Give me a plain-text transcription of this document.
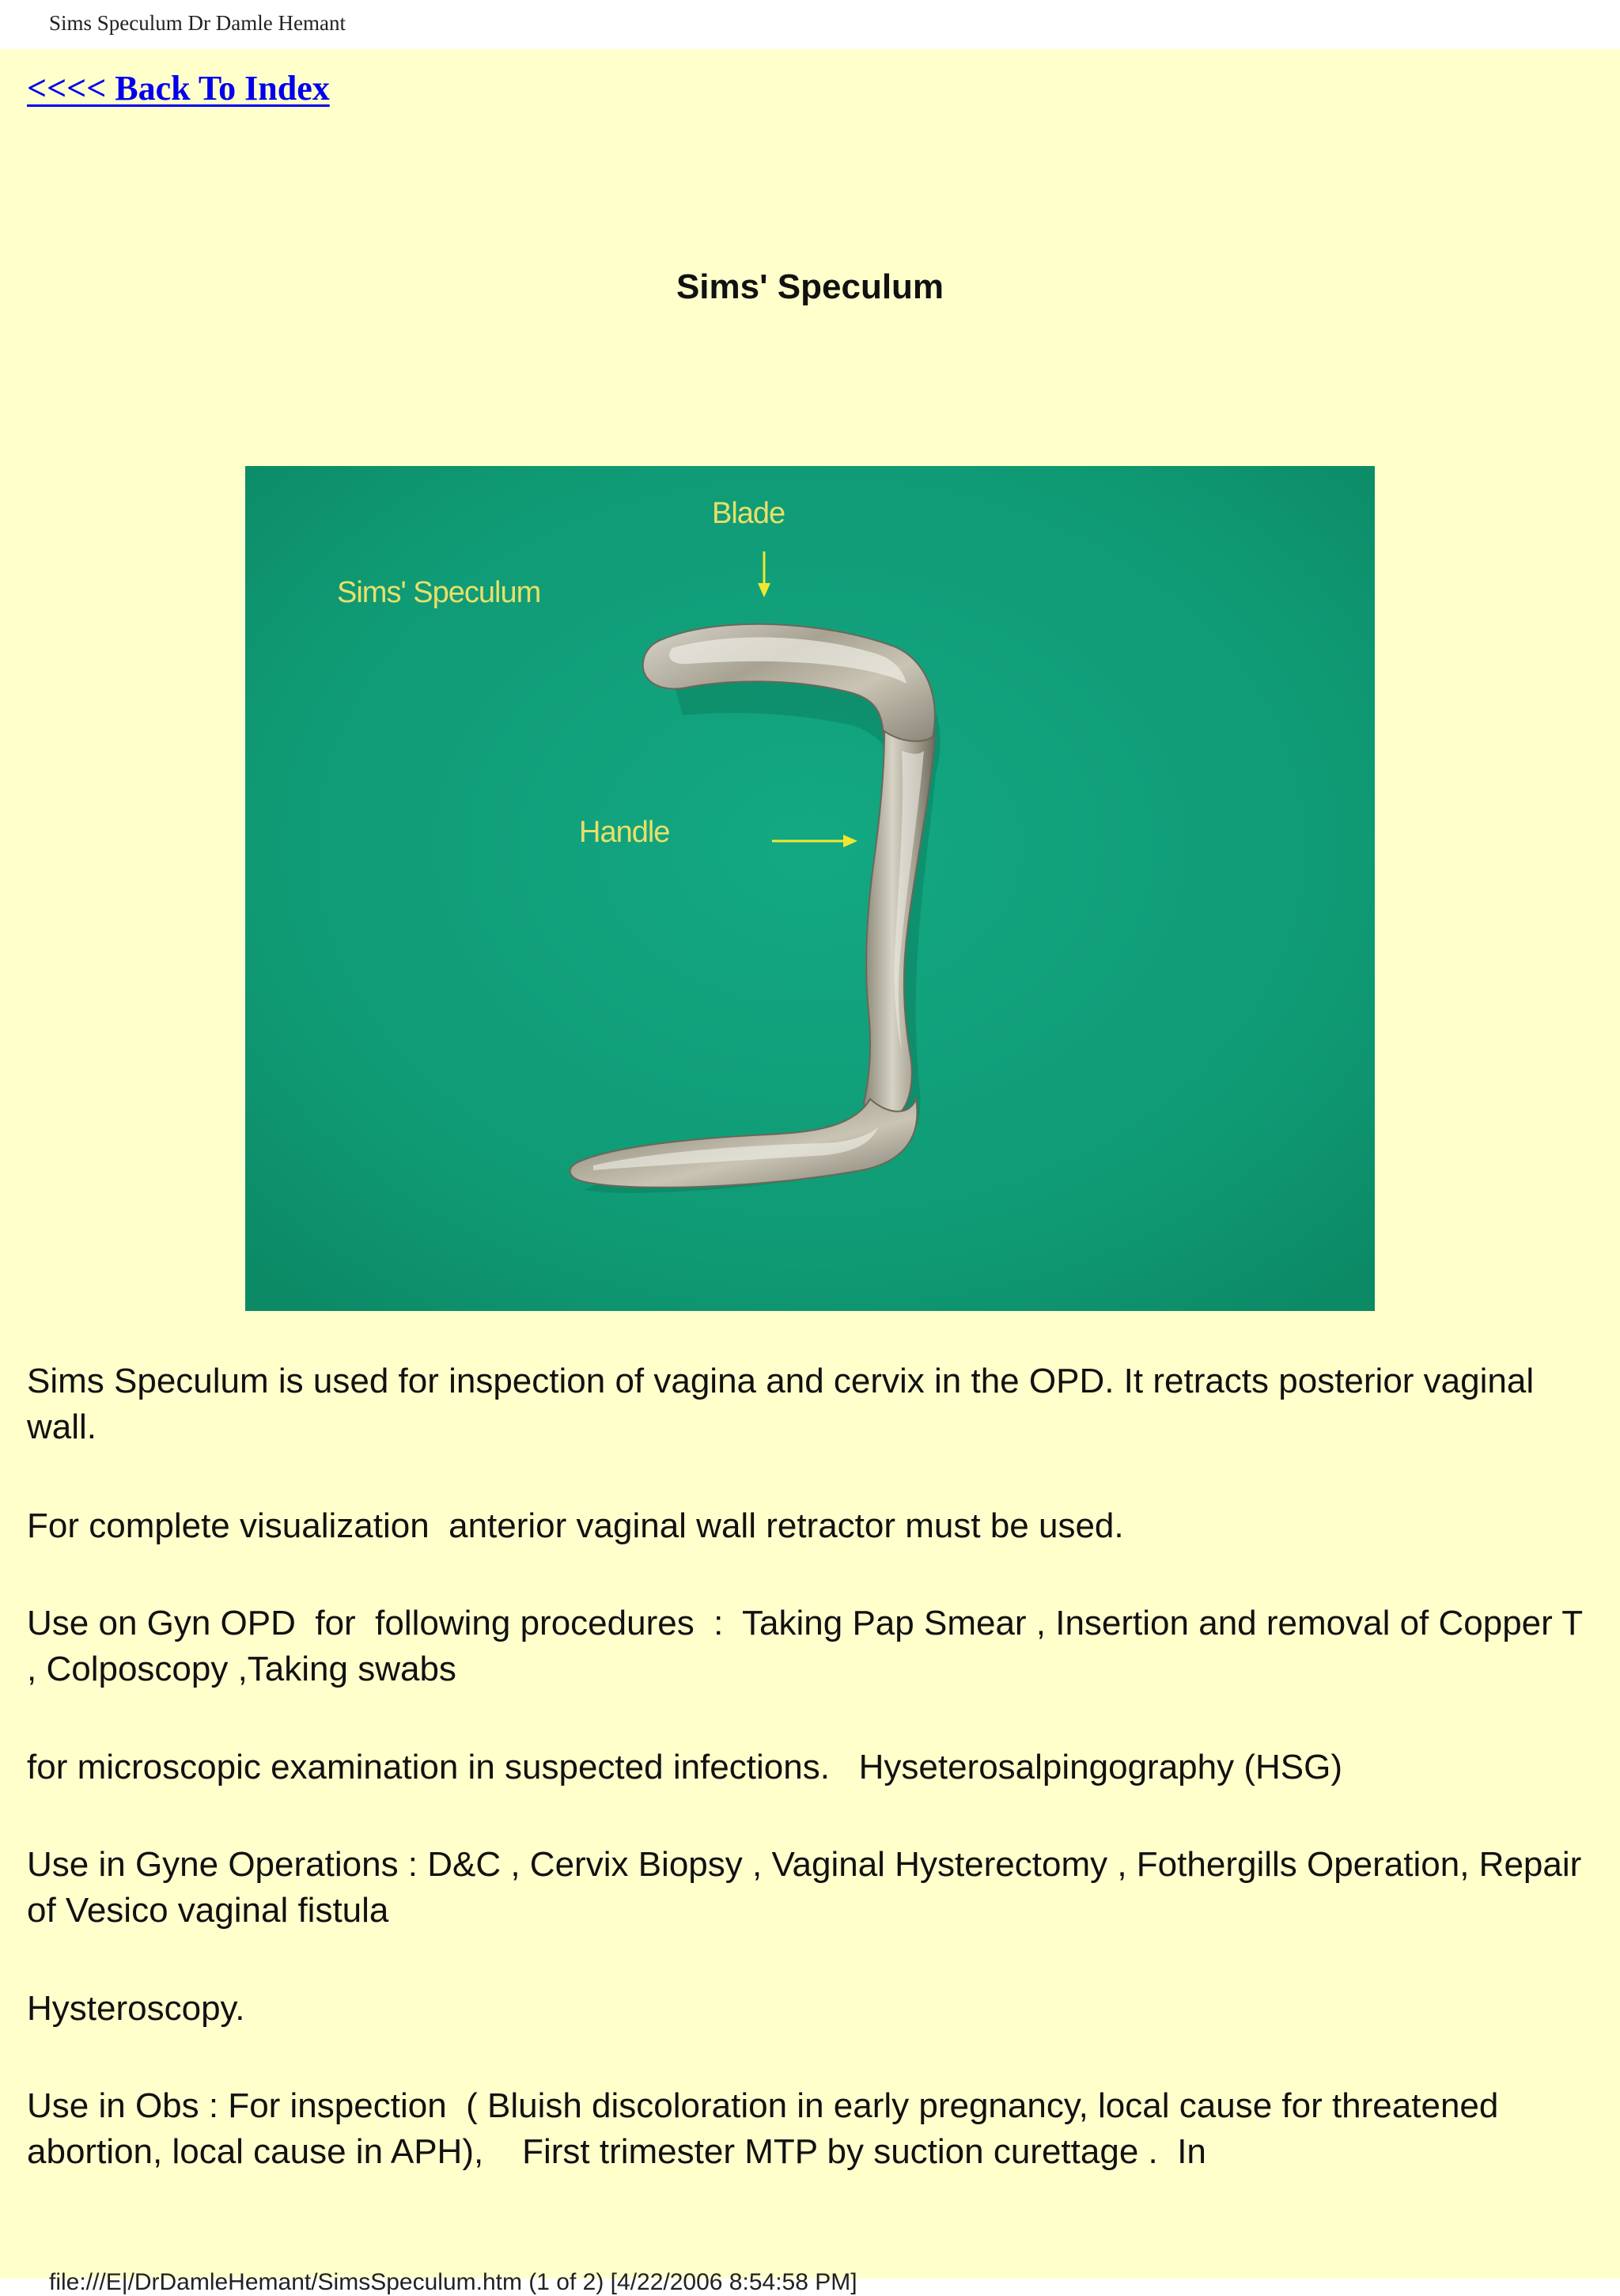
Sims Speculum Dr Damle Hemant
<<<< Back To Index
Sims' Speculum
Blade
Sims' Speculum
Handle

Sims Speculum is used for inspection of vagina and cervix in the OPD. It retracts posterior vaginal wall.

For complete visualization  anterior vaginal wall retractor must be used.

Use on Gyn OPD  for  following procedures  :  Taking Pap Smear , Insertion and removal of Copper T , Colposcopy ,Taking swabs

for microscopic examination in suspected infections.   Hyseterosalpingography (HSG)

Use in Gyne Operations : D&C , Cervix Biopsy , Vaginal Hysterectomy , Fothergills Operation, Repair of Vesico vaginal fistula

Hysteroscopy.

Use in Obs : For inspection  ( Bluish discoloration in early pregnancy, local cause for threatened abortion, local cause in APH),    First trimester MTP by suction curettage .  In

file:///E|/DrDamleHemant/SimsSpeculum.htm (1 of 2) [4/22/2006 8:54:58 PM]
